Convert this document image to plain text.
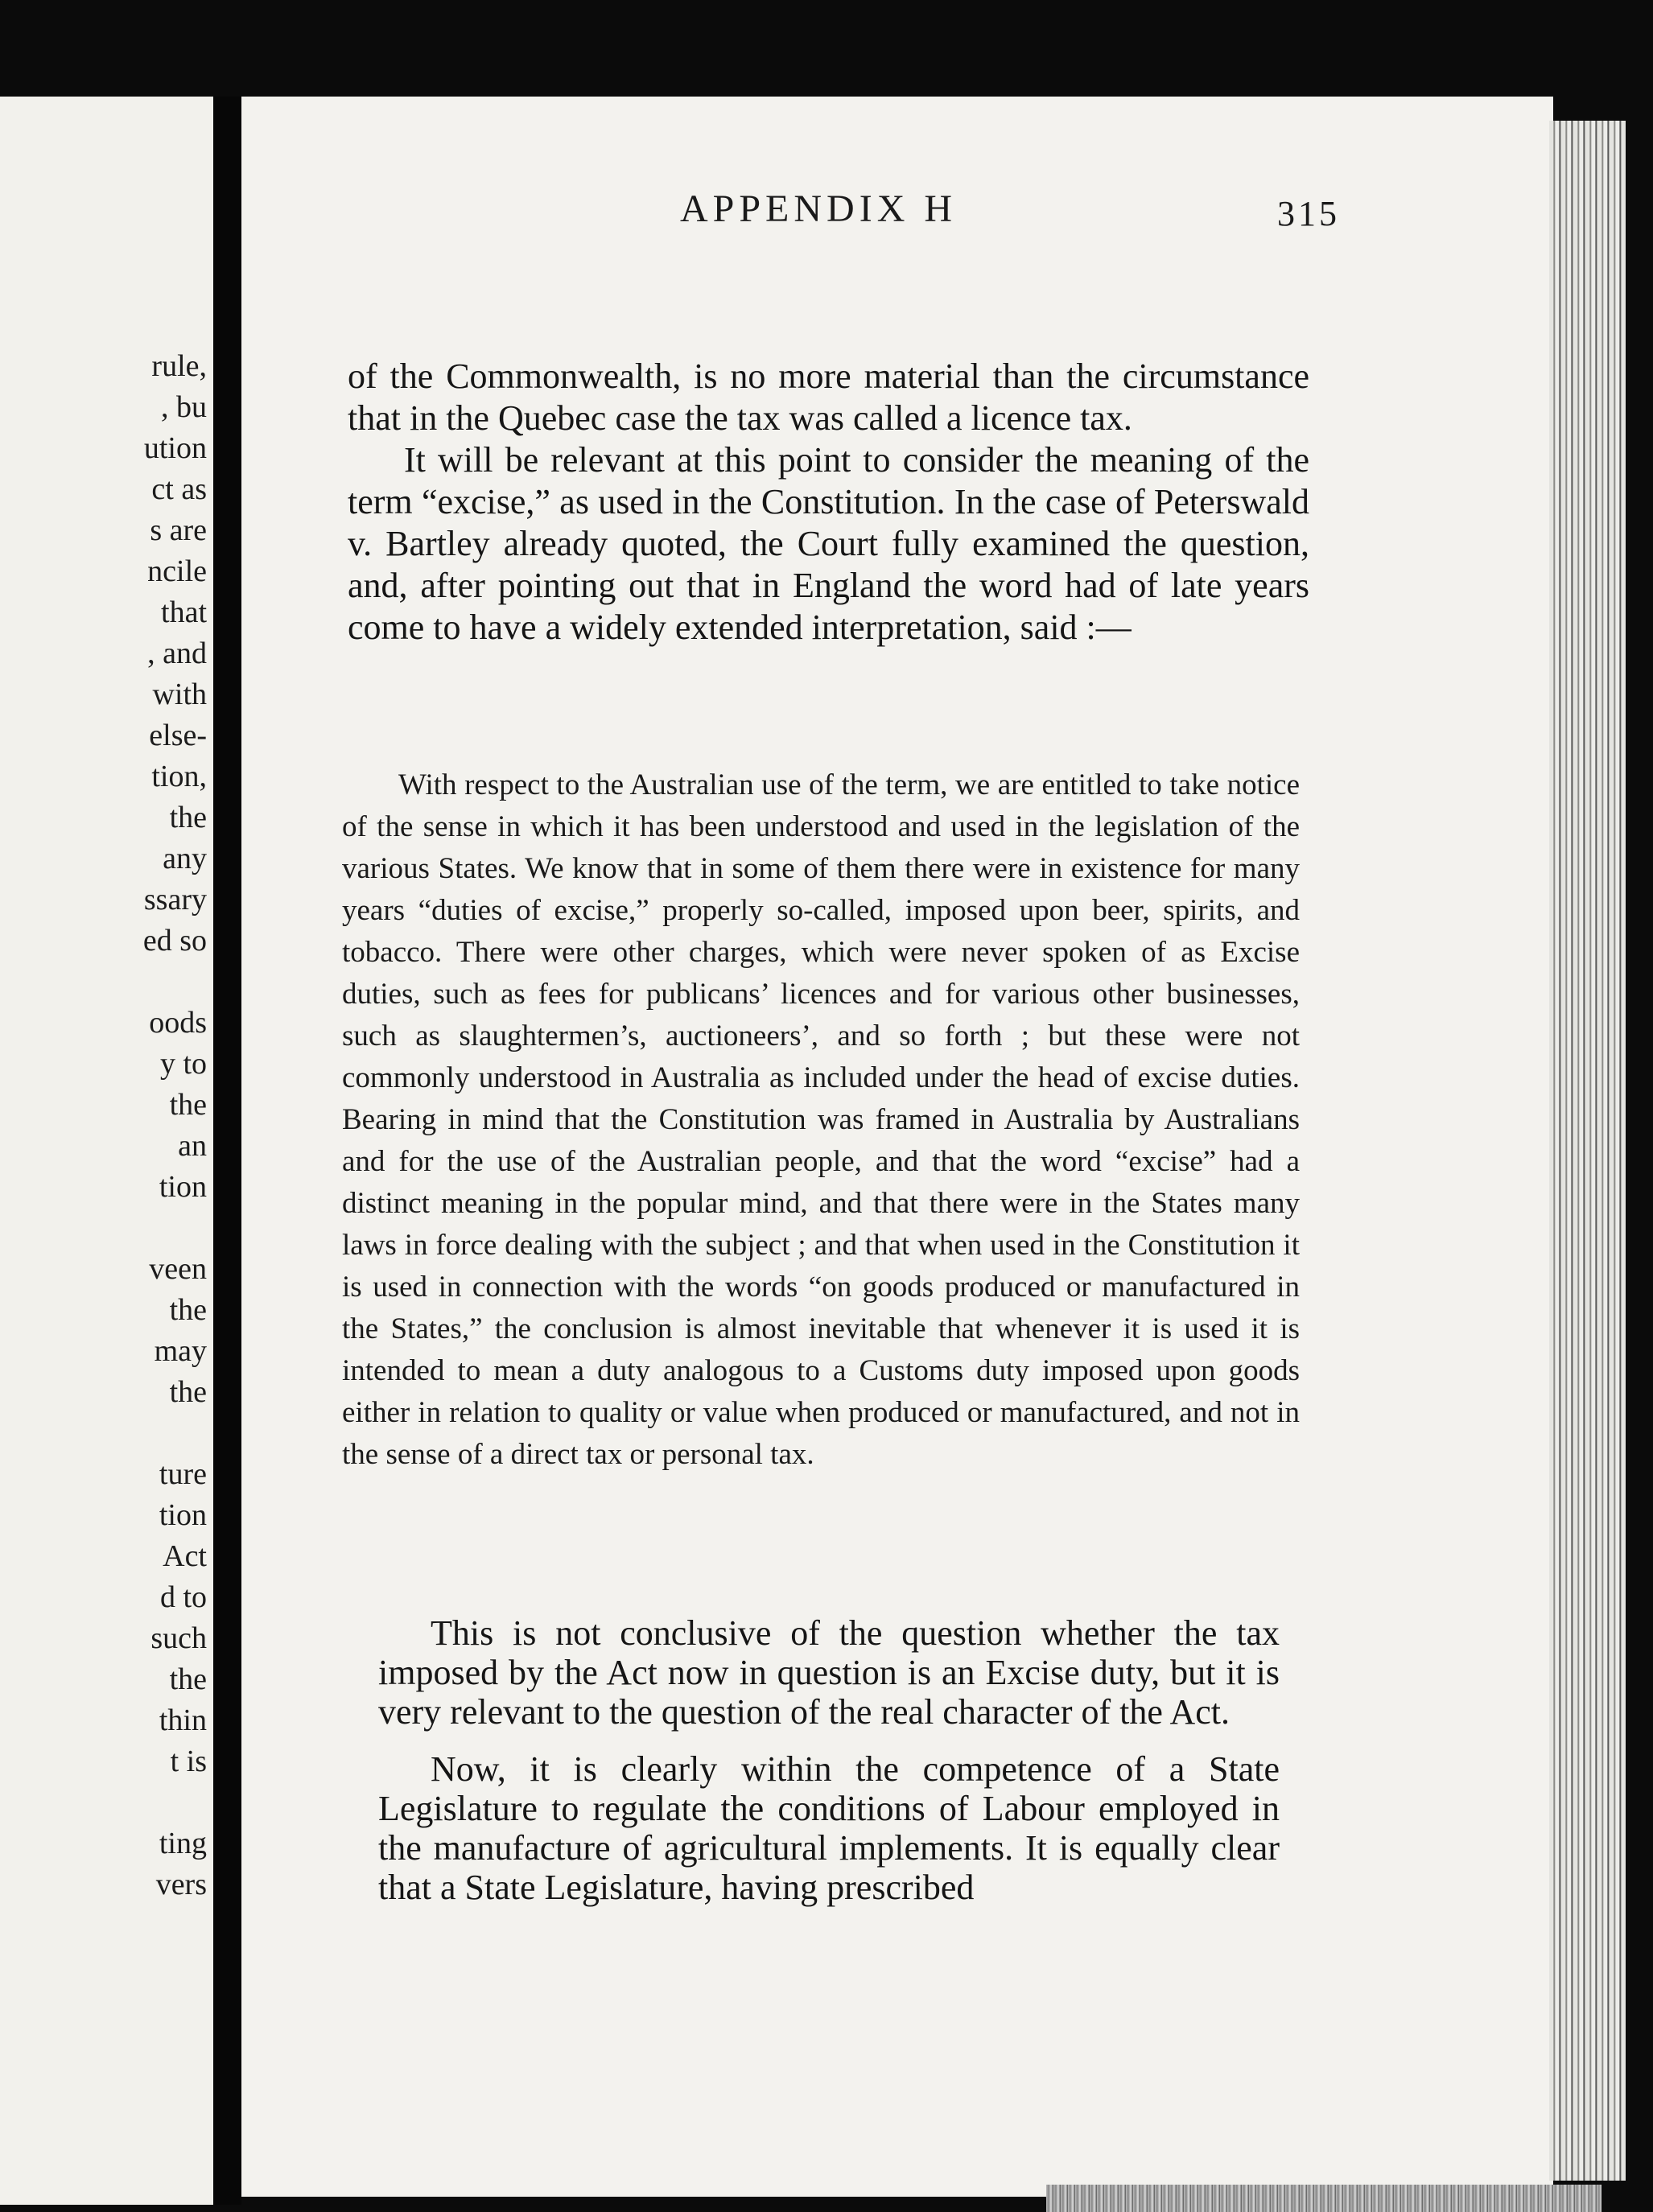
rule,
, bu
ution
ct as
s are
ncile
that
, and
with
else-
tion,
the
any
ssary
ed so
oods
y to
the
an
tion
veen
the
may
the
ture
tion
Act
d to
such
the
thin
t is
ting
vers
APPENDIX H	315

of the Commonwealth, is no more material than the circumstance that in the Quebec case the tax was called a licence tax.

It will be relevant at this point to consider the meaning of the term “excise,” as used in the Constitution. In the case of Peterswald v. Bartley already quoted, the Court fully examined the question, and, after pointing out that in England the word had of late years come to have a widely extended interpretation, said :—

With respect to the Australian use of the term, we are entitled to take notice of the sense in which it has been understood and used in the legislation of the various States. We know that in some of them there were in existence for many years “duties of excise,” properly so-called, imposed upon beer, spirits, and tobacco. There were other charges, which were never spoken of as Excise duties, such as fees for publicans’ licences and for various other businesses, such as slaughtermen’s, auctioneers’, and so forth ; but these were not commonly understood in Australia as included under the head of excise duties. Bearing in mind that the Constitution was framed in Australia by Australians and for the use of the Australian people, and that the word “excise” had a distinct meaning in the popular mind, and that there were in the States many laws in force dealing with the subject ; and that when used in the Constitution it is used in connection with the words “on goods produced or manufactured in the States,” the conclusion is almost inevitable that whenever it is used it is intended to mean a duty analogous to a Customs duty imposed upon goods either in relation to quality or value when produced or manufactured, and not in the sense of a direct tax or personal tax.

This is not conclusive of the question whether the tax imposed by the Act now in question is an Excise duty, but it is very relevant to the question of the real character of the Act.

Now, it is clearly within the competence of a State Legislature to regulate the conditions of Labour employed in the manufacture of agricultural implements. It is equally clear that a State Legislature, having prescribed
